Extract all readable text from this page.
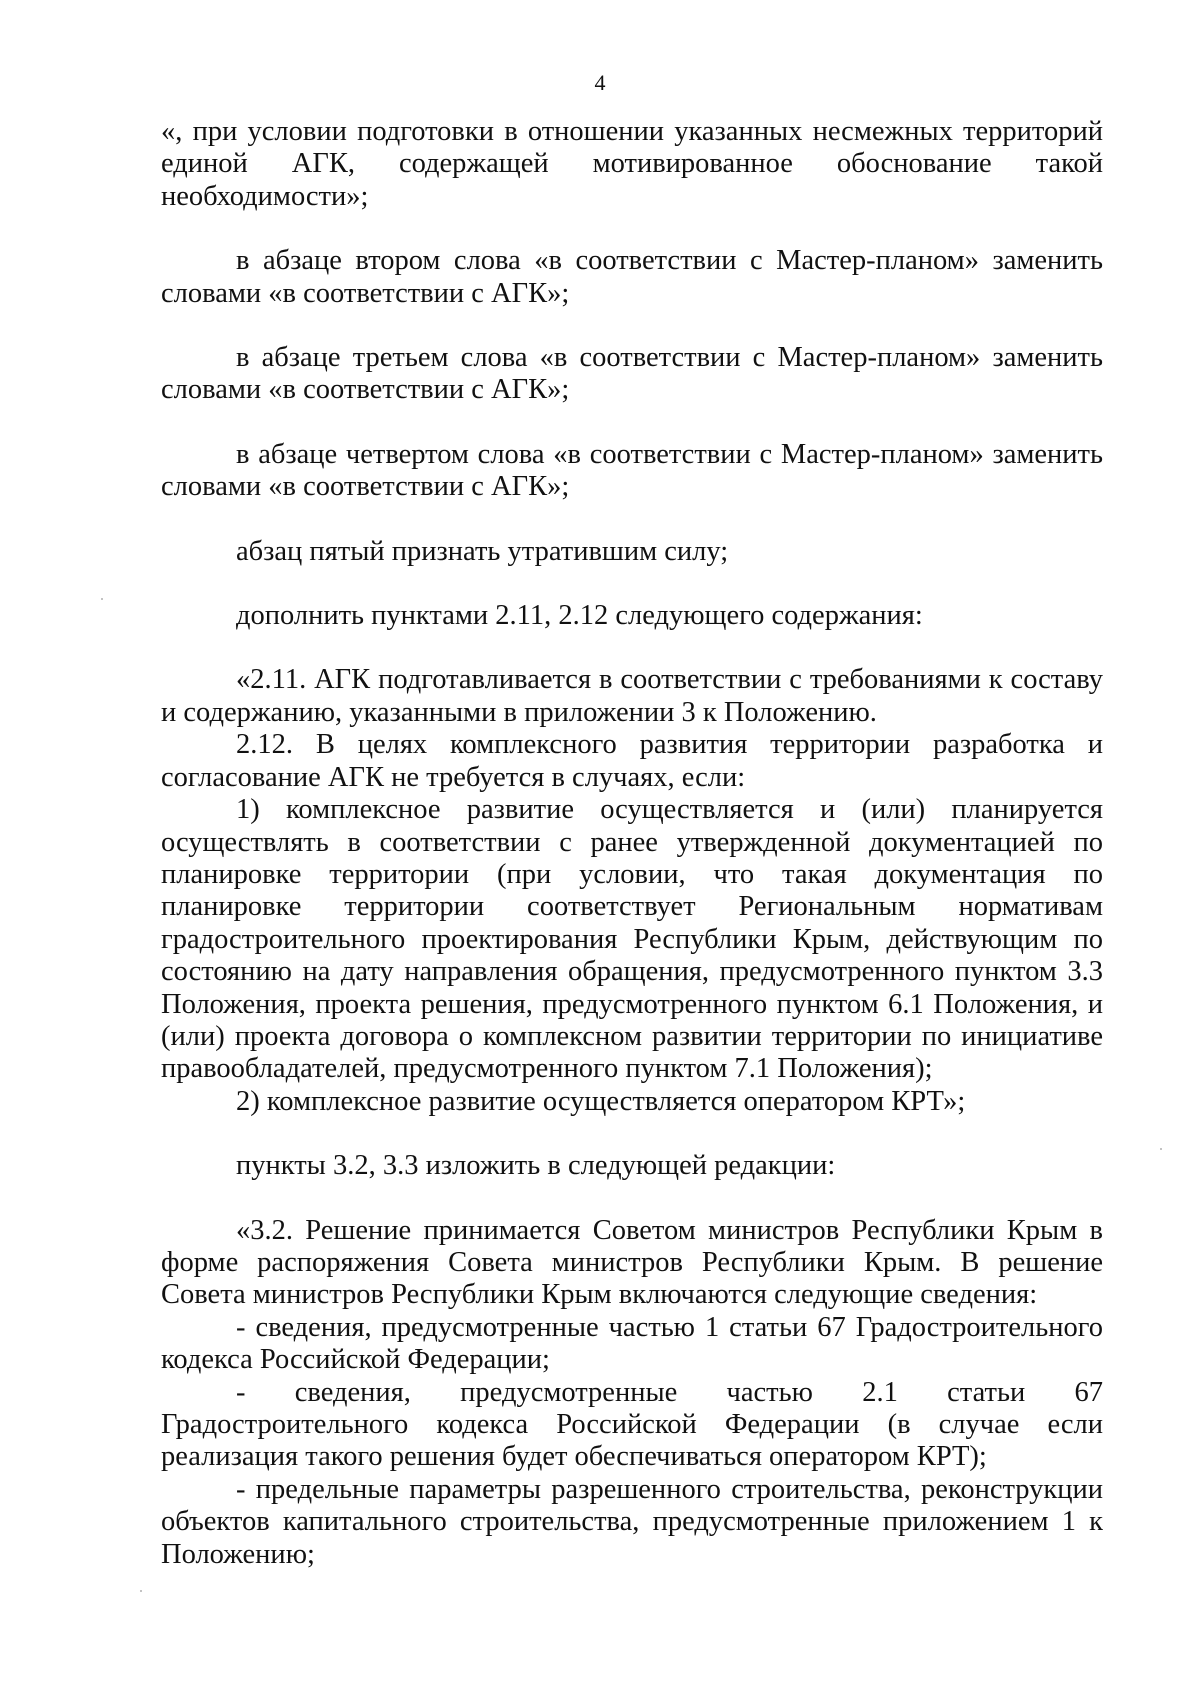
4

«, при условии подготовки в отношении указанных несмежных территорий единой АГК, содержащей мотивированное обоснование такой необходимости»;

в абзаце втором слова «в соответствии с Мастер-планом» заменить словами «в соответствии с АГК»;

в абзаце третьем слова «в соответствии с Мастер-планом» заменить словами «в соответствии с АГК»;

в абзаце четвертом слова «в соответствии с Мастер-планом» заменить словами «в соответствии с АГК»;

абзац пятый признать утратившим силу;

дополнить пунктами 2.11, 2.12 следующего содержания:

«2.11. АГК подготавливается в соответствии с требованиями к составу и содержанию, указанными в приложении 3 к Положению.

2.12. В целях комплексного развития территории разработка и согласование АГК не требуется в случаях, если:

1) комплексное развитие осуществляется и (или) планируется осуществлять в соответствии с ранее утвержденной документацией по планировке территории (при условии, что такая документация по планировке территории соответствует Региональным нормативам градостроительного проектирования Республики Крым, действующим по состоянию на дату направления обращения, предусмотренного пунктом 3.3 Положения, проекта решения, предусмотренного пунктом 6.1 Положения, и (или) проекта договора о комплексном развитии территории по инициативе правообладателей, предусмотренного пунктом 7.1 Положения);

2) комплексное развитие осуществляется оператором КРТ»;

пункты 3.2, 3.3 изложить в следующей редакции:

«3.2. Решение принимается Советом министров Республики Крым в форме распоряжения Совета министров Республики Крым. В решение Совета министров Республики Крым включаются следующие сведения:

- сведения, предусмотренные частью 1 статьи 67 Градостроительного кодекса Российской Федерации;

- сведения, предусмотренные частью 2.1 статьи 67 Градостроительного кодекса Российской Федерации (в случае если реализация такого решения будет обеспечиваться оператором КРТ);

- предельные параметры разрешенного строительства, реконструкции объектов капитального строительства, предусмотренные приложением 1 к Положению;
